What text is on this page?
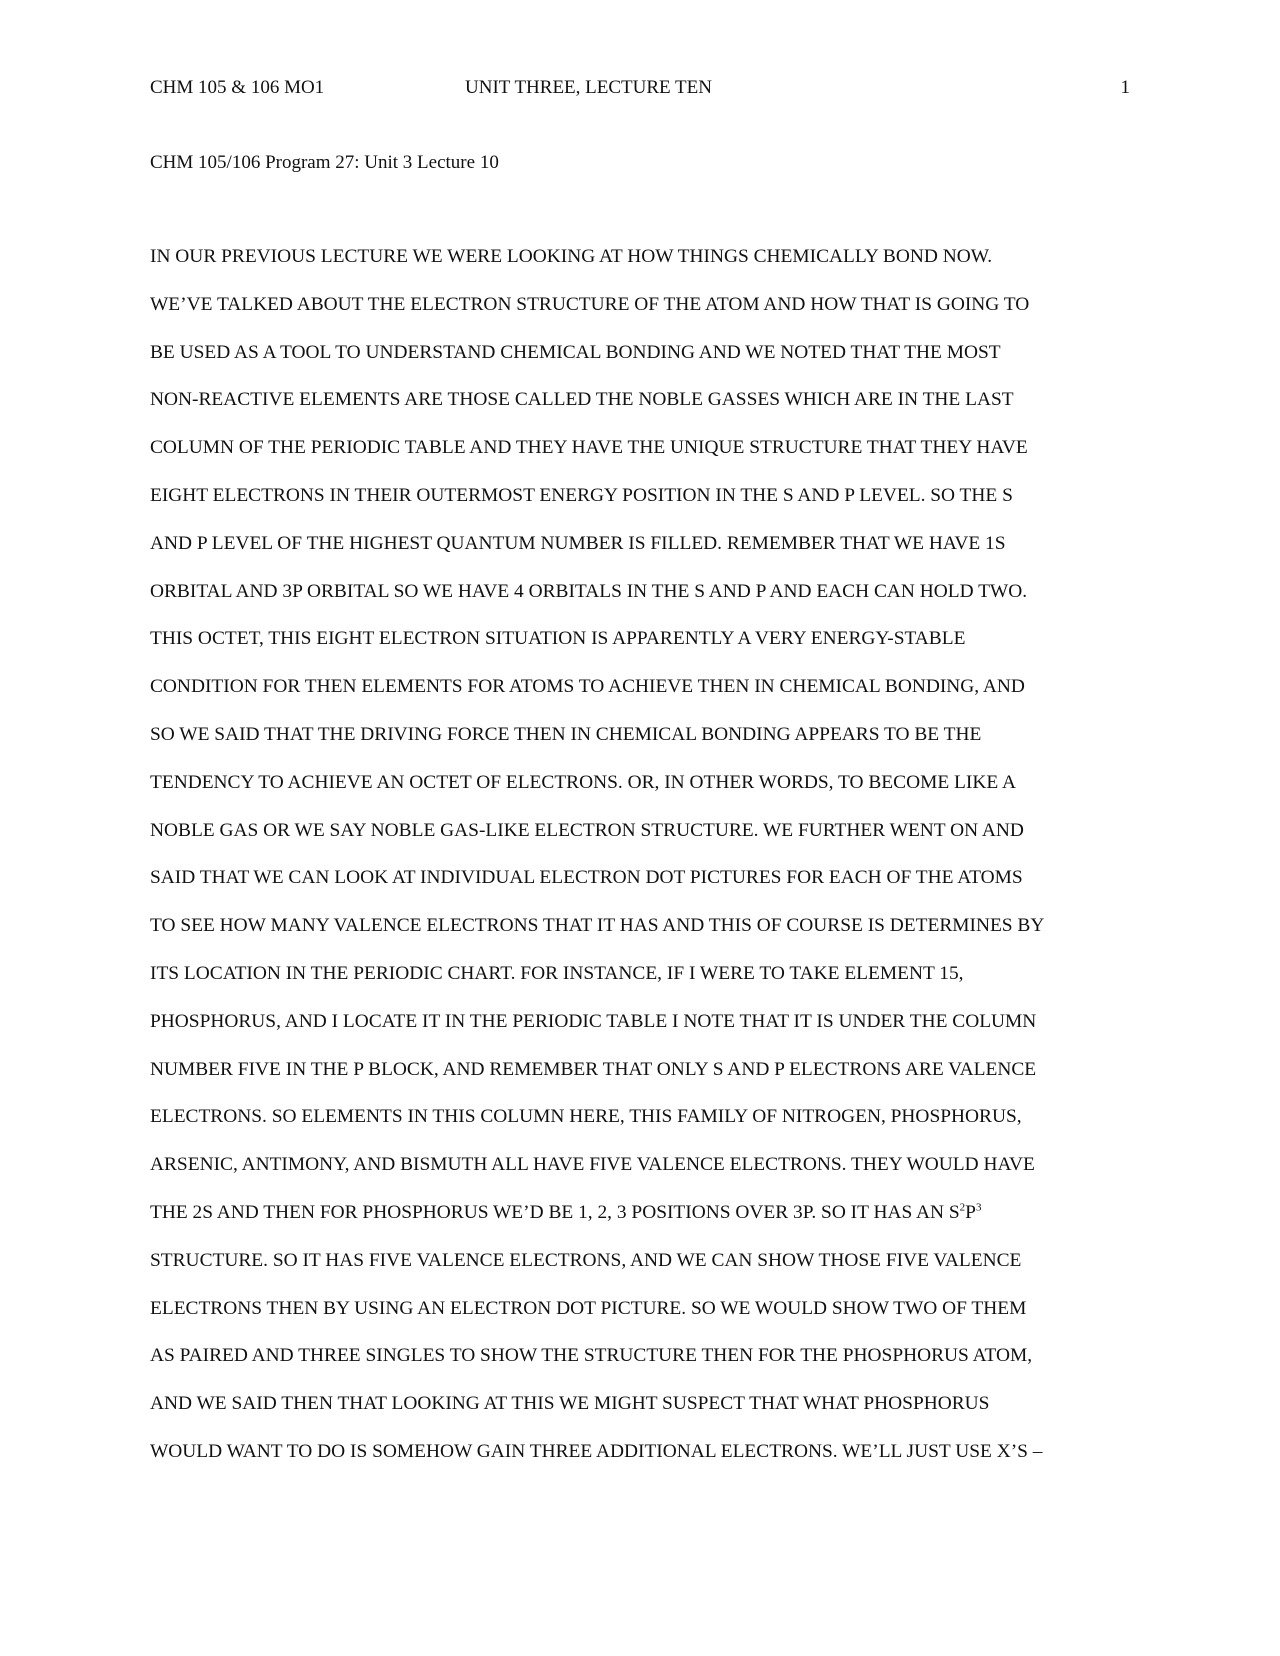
CHM 105 & 106 MO1	UNIT THREE, LECTURE TEN	1
CHM 105/106 Program 27: Unit 3 Lecture 10
IN OUR PREVIOUS LECTURE WE WERE LOOKING AT HOW THINGS CHEMICALLY BOND NOW.
WE’VE TALKED ABOUT THE ELECTRON STRUCTURE OF THE ATOM AND HOW THAT IS GOING TO
BE USED AS A TOOL TO UNDERSTAND CHEMICAL BONDING AND WE NOTED THAT THE MOST
NON-REACTIVE ELEMENTS ARE THOSE CALLED THE NOBLE GASSES WHICH ARE IN THE LAST
COLUMN OF THE PERIODIC TABLE AND THEY HAVE THE UNIQUE STRUCTURE THAT THEY HAVE
EIGHT ELECTRONS IN THEIR OUTERMOST ENERGY POSITION IN THE S AND P LEVEL. SO THE S
AND P LEVEL OF THE HIGHEST QUANTUM NUMBER IS FILLED. REMEMBER THAT WE HAVE 1S
ORBITAL AND 3P ORBITAL SO WE HAVE 4 ORBITALS IN THE S AND P AND EACH CAN HOLD TWO.
THIS OCTET, THIS EIGHT ELECTRON SITUATION IS APPARENTLY A VERY ENERGY-STABLE
CONDITION FOR THEN ELEMENTS FOR ATOMS TO ACHIEVE THEN IN CHEMICAL BONDING, AND
SO WE SAID THAT THE DRIVING FORCE THEN IN CHEMICAL BONDING APPEARS TO BE THE
TENDENCY TO ACHIEVE AN OCTET OF ELECTRONS. OR, IN OTHER WORDS, TO BECOME LIKE A
NOBLE GAS OR WE SAY NOBLE GAS-LIKE ELECTRON STRUCTURE. WE FURTHER WENT ON AND
SAID THAT WE CAN LOOK AT INDIVIDUAL ELECTRON DOT PICTURES FOR EACH OF THE ATOMS
TO SEE HOW MANY VALENCE ELECTRONS THAT IT HAS AND THIS OF COURSE IS DETERMINES BY
ITS LOCATION IN THE PERIODIC CHART. FOR INSTANCE, IF I WERE TO TAKE ELEMENT 15,
PHOSPHORUS, AND I LOCATE IT IN THE PERIODIC TABLE I NOTE THAT IT IS UNDER THE COLUMN
NUMBER FIVE IN THE P BLOCK, AND REMEMBER THAT ONLY S AND P ELECTRONS ARE VALENCE
ELECTRONS. SO ELEMENTS IN THIS COLUMN HERE, THIS FAMILY OF NITROGEN, PHOSPHORUS,
ARSENIC, ANTIMONY, AND BISMUTH ALL HAVE FIVE VALENCE ELECTRONS. THEY WOULD HAVE
THE 2S AND THEN FOR PHOSPHORUS WE’D BE 1, 2, 3 POSITIONS OVER 3P. SO IT HAS AN $S^2P^3$
STRUCTURE. SO IT HAS FIVE VALENCE ELECTRONS, AND WE CAN SHOW THOSE FIVE VALENCE
ELECTRONS THEN BY USING AN ELECTRON DOT PICTURE. SO WE WOULD SHOW TWO OF THEM
AS PAIRED AND THREE SINGLES TO SHOW THE STRUCTURE THEN FOR THE PHOSPHORUS ATOM,
AND WE SAID THEN THAT LOOKING AT THIS WE MIGHT SUSPECT THAT WHAT PHOSPHORUS
WOULD WANT TO DO IS SOMEHOW GAIN THREE ADDITIONAL ELECTRONS. WE’LL JUST USE X’S –
